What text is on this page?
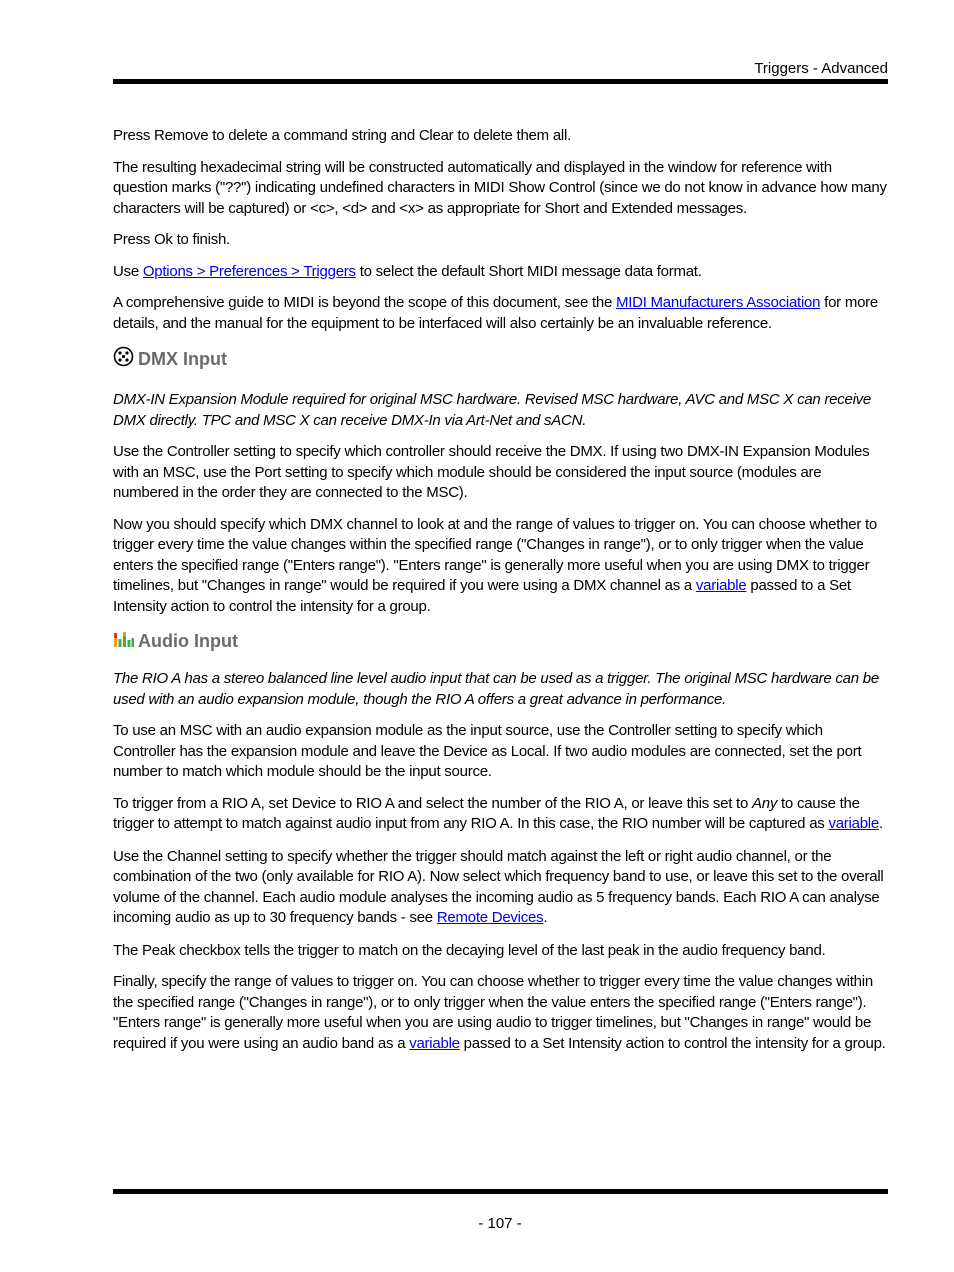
Triggers - Advanced

Press Remove to delete a command string and Clear to delete them all.

The resulting hexadecimal string will be constructed automatically and displayed in the window for reference with question marks ("??") indicating undefined characters in MIDI Show Control (since we do not know in advance how many characters will be captured) or <c>, <d> and <x> as appropriate for Short and Extended messages.

Press Ok to finish.

Use Options > Preferences > Triggers to select the default Short MIDI message data format.

A comprehensive guide to MIDI is beyond the scope of this document, see the MIDI Manufacturers Association for more details, and the manual for the equipment to be interfaced will also certainly be an invaluable reference.

DMX Input

DMX-IN Expansion Module required for original MSC hardware. Revised MSC hardware, AVC and MSC X can receive DMX directly. TPC and MSC X can receive DMX-In via Art-Net and sACN.

Use the Controller setting to specify which controller should receive the DMX. If using two DMX-IN Expansion Modules with an MSC, use the Port setting to specify which module should be considered the input source (modules are numbered in the order they are connected to the MSC).

Now you should specify which DMX channel to look at and the range of values to trigger on. You can choose whether to trigger every time the value changes within the specified range ("Changes in range"), or to only trigger when the value enters the specified range ("Enters range"). "Enters range" is generally more useful when you are using DMX to trigger timelines, but "Changes in range" would be required if you were using a DMX channel as a variable passed to a Set Intensity action to control the intensity for a group.

Audio Input

The RIO A has a stereo balanced line level audio input that can be used as a trigger. The original MSC hardware can be used with an audio expansion module, though the RIO A offers a great advance in performance.

To use an MSC with an audio expansion module as the input source, use the Controller setting to specify which Controller has the expansion module and leave the Device as Local. If two audio modules are connected, set the port number to match which module should be the input source.

To trigger from a RIO A, set Device to RIO A and select the number of the RIO A, or leave this set to Any to cause the trigger to attempt to match against audio input from any RIO A. In this case, the RIO number will be captured as variable.

Use the Channel setting to specify whether the trigger should match against the left or right audio channel, or the combination of the two (only available for RIO A). Now select which frequency band to use, or leave this set to the overall volume of the channel. Each audio module analyses the incoming audio as 5 frequency bands. Each RIO A can analyse incoming audio as up to 30 frequency bands - see Remote Devices.

The Peak checkbox tells the trigger to match on the decaying level of the last peak in the audio frequency band.

Finally, specify the range of values to trigger on. You can choose whether to trigger every time the value changes within the specified range ("Changes in range"), or to only trigger when the value enters the specified range ("Enters range"). "Enters range" is generally more useful when you are using audio to trigger timelines, but "Changes in range" would be required if you were using an audio band as a variable passed to a Set Intensity action to control the intensity for a group.

- 107 -
